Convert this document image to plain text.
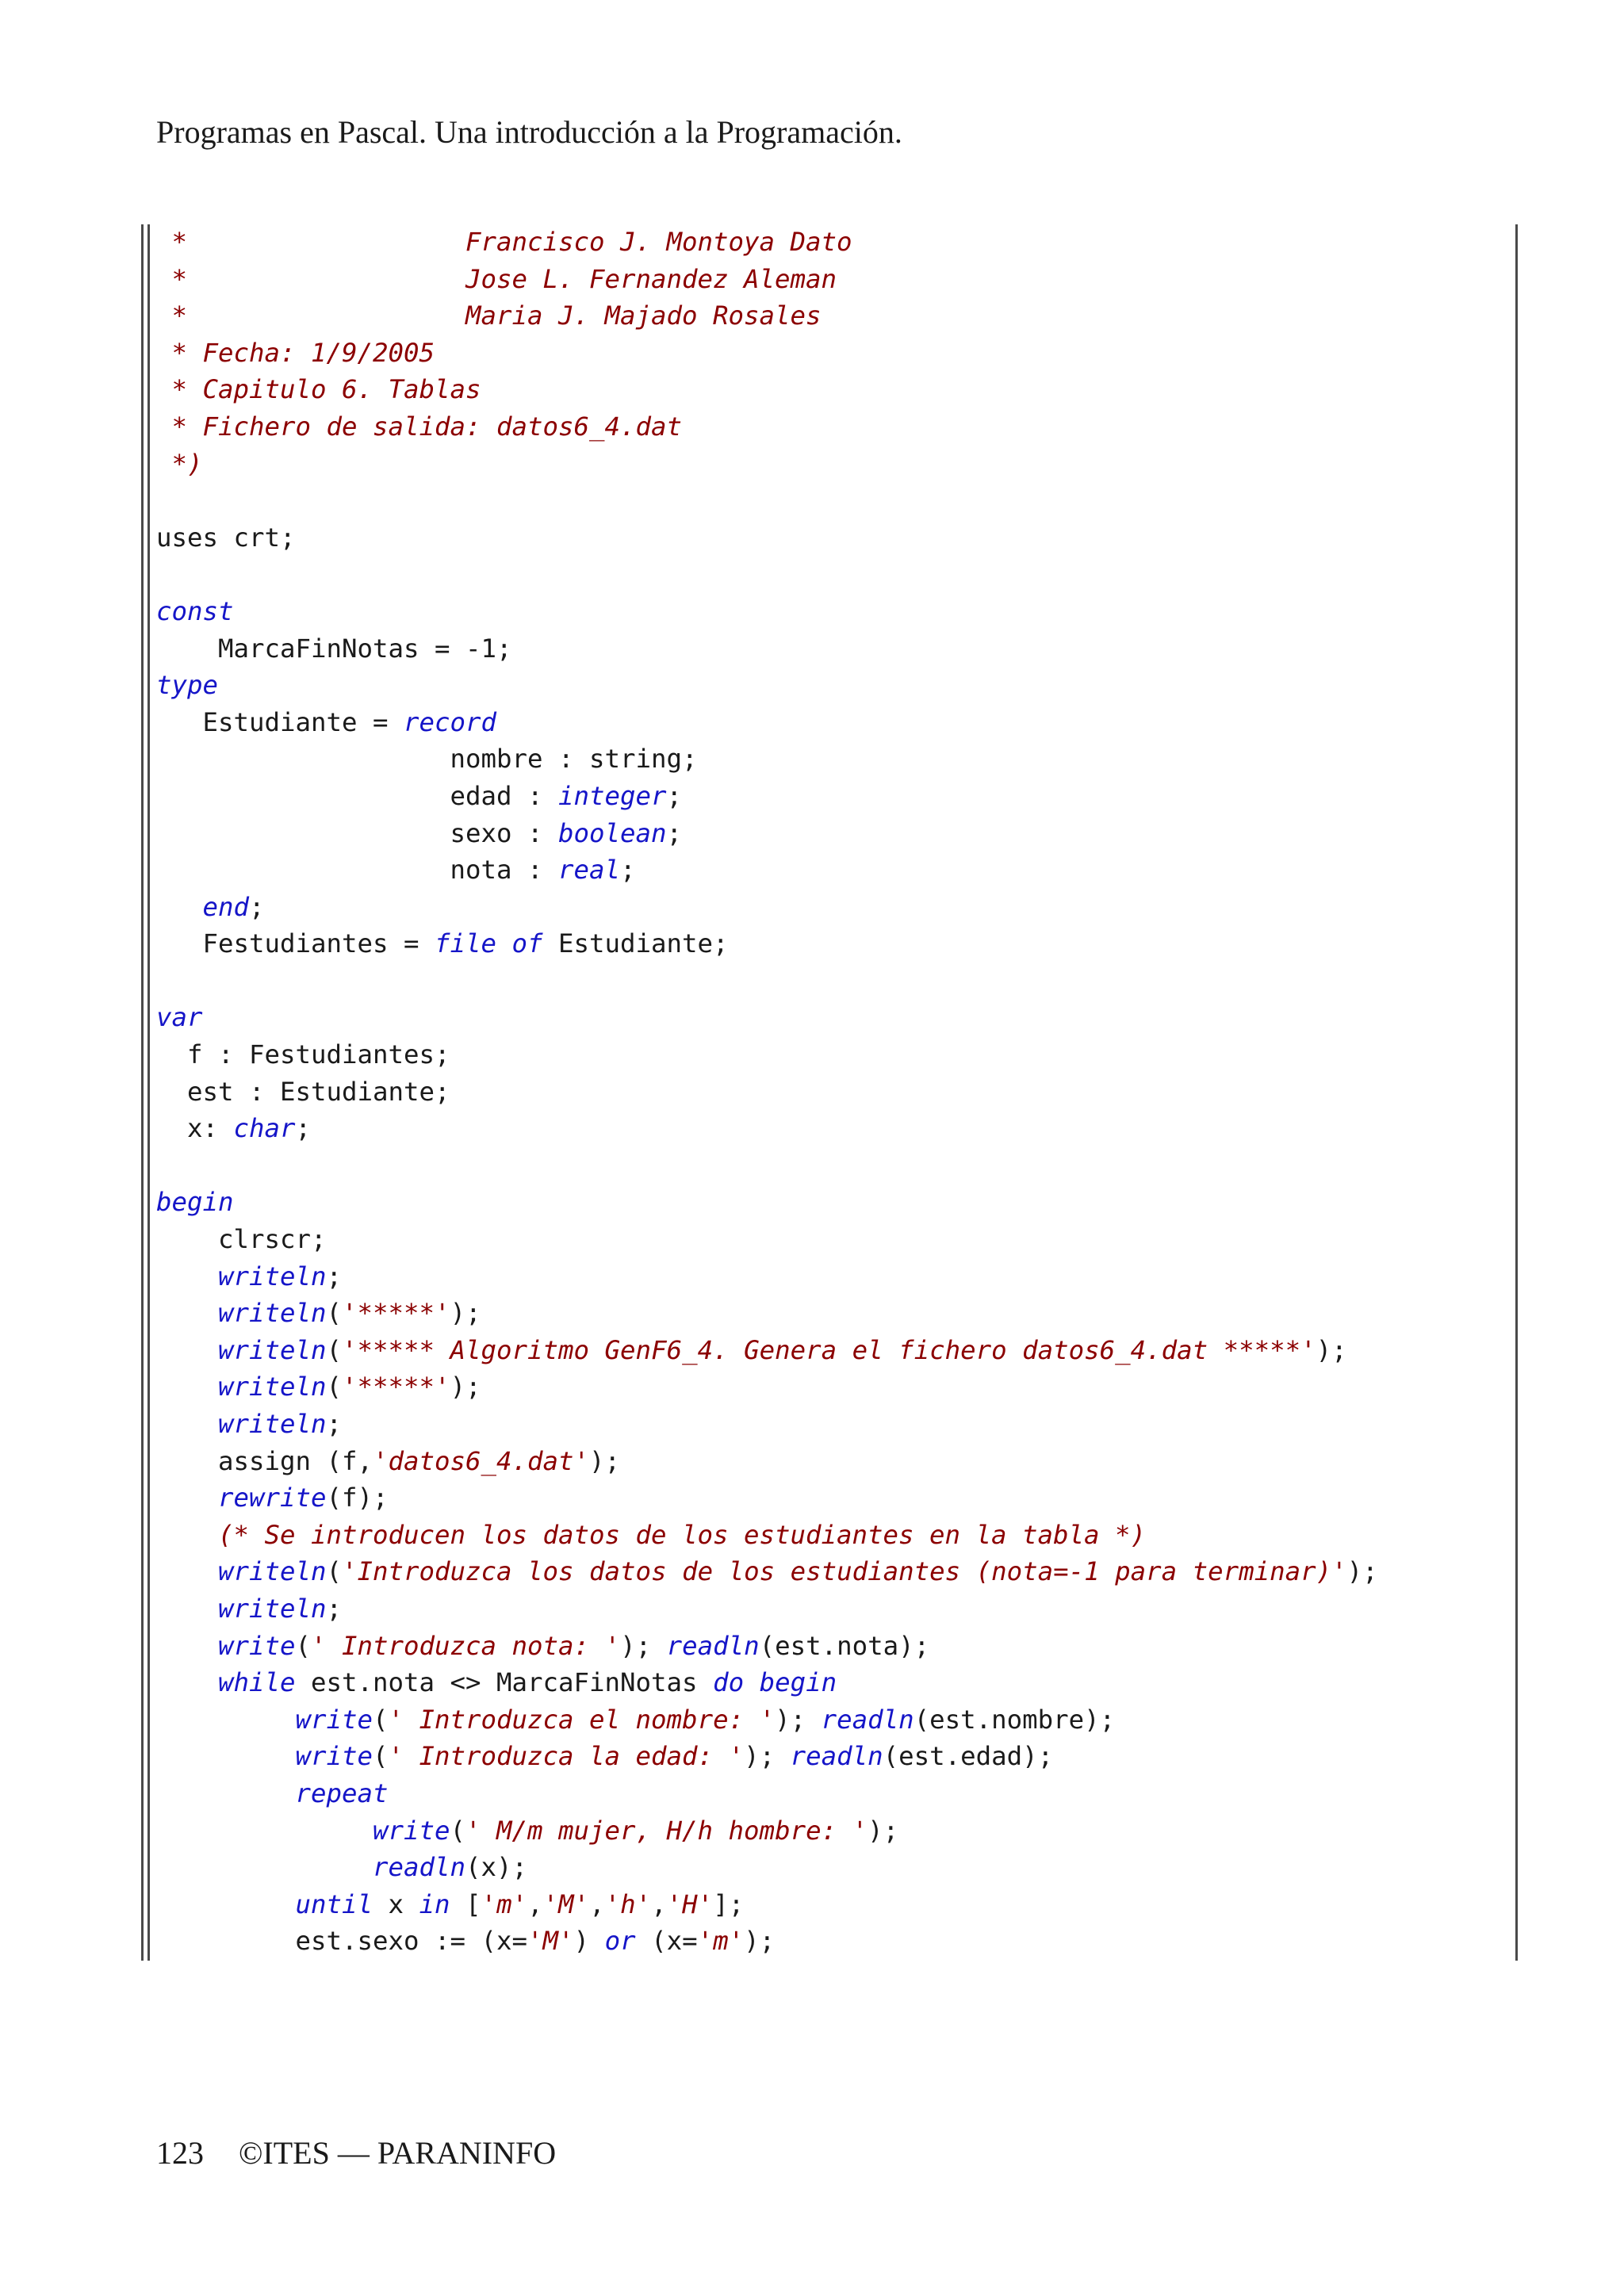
Programas en Pascal. Una introducción a la Programación.
*                  Francisco J. Montoya Dato
*                  Jose L. Fernandez Aleman
*                  Maria J. Majado Rosales
* Fecha: 1/9/2005
* Capitulo 6. Tablas
* Fichero de salida: datos6_4.dat
*)
uses crt;
const
MarcaFinNotas = -1;
type
Estudiante = record
nombre : string;
edad : integer;
sexo : boolean;
nota : real;
end;
Festudiantes = file of Estudiante;
var
f : Festudiantes;
est : Estudiante;
x: char;
begin
clrscr;
writeln;
writeln('*****');
writeln('***** Algoritmo GenF6_4. Genera el fichero datos6_4.dat *****');
writeln('*****');
writeln;
assign (f,'datos6_4.dat');
rewrite(f);
(* Se introducen los datos de los estudiantes en la tabla *)
writeln('Introduzca los datos de los estudiantes (nota=-1 para terminar)');
writeln;
write(' Introduzca nota: '); readln(est.nota);
while est.nota <> MarcaFinNotas do begin
write(' Introduzca el nombre: '); readln(est.nombre);
write(' Introduzca la edad: '); readln(est.edad);
repeat
write(' M/m mujer, H/h hombre: ');
readln(x);
until x in ['m','M','h','H'];
est.sexo := (x='M') or (x='m');
123 ©ITES — PARANINFO
